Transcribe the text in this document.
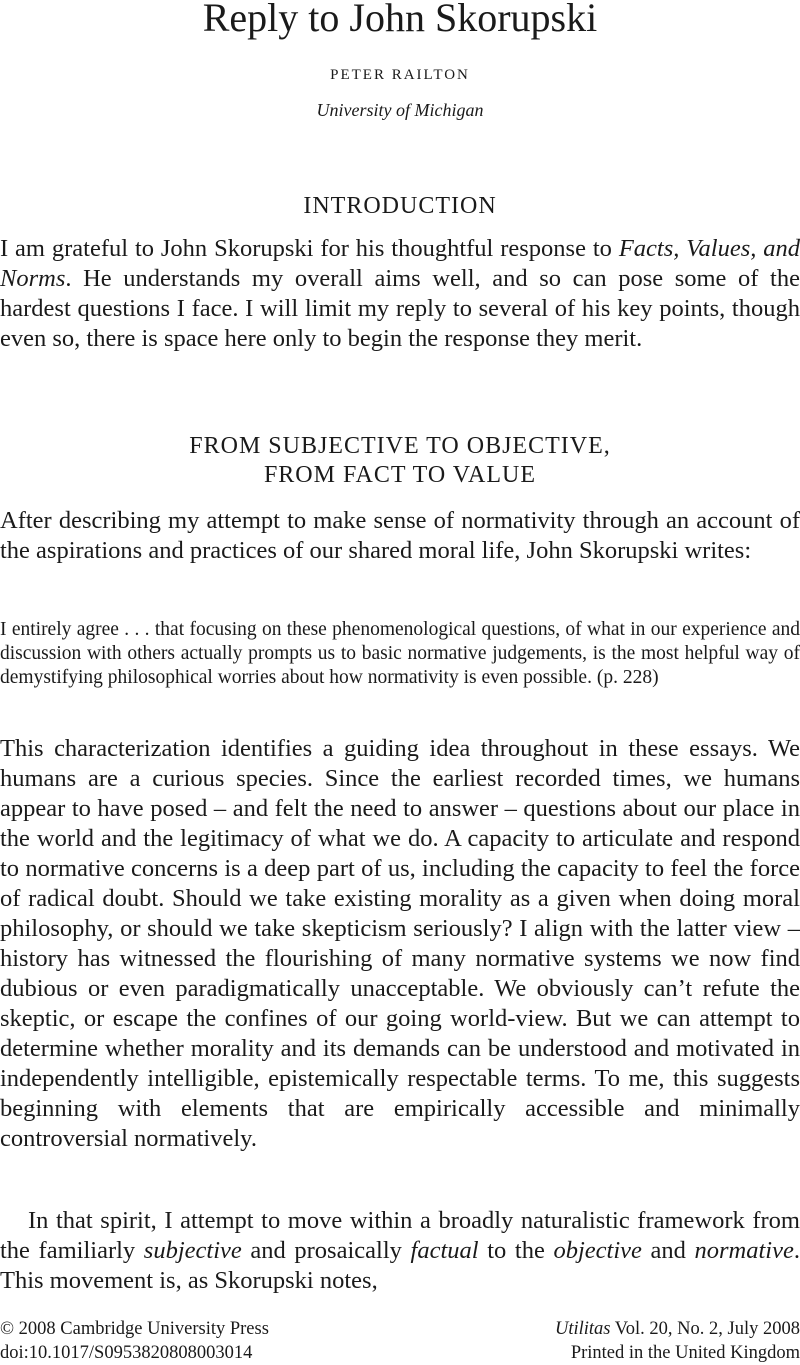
Reply to John Skorupski
PETER RAILTON
University of Michigan
INTRODUCTION
I am grateful to John Skorupski for his thoughtful response to Facts, Values, and Norms. He understands my overall aims well, and so can pose some of the hardest questions I face. I will limit my reply to several of his key points, though even so, there is space here only to begin the response they merit.
FROM SUBJECTIVE TO OBJECTIVE,
FROM FACT TO VALUE
After describing my attempt to make sense of normativity through an account of the aspirations and practices of our shared moral life, John Skorupski writes:
I entirely agree . . . that focusing on these phenomenological questions, of what in our experience and discussion with others actually prompts us to basic normative judgements, is the most helpful way of demystifying philosophical worries about how normativity is even possible. (p. 228)
This characterization identifies a guiding idea throughout in these essays. We humans are a curious species. Since the earliest recorded times, we humans appear to have posed – and felt the need to answer – questions about our place in the world and the legitimacy of what we do. A capacity to articulate and respond to normative concerns is a deep part of us, including the capacity to feel the force of radical doubt. Should we take existing morality as a given when doing moral philosophy, or should we take skepticism seriously? I align with the latter view – history has witnessed the flourishing of many normative systems we now find dubious or even paradigmatically unacceptable. We obviously can’t refute the skeptic, or escape the confines of our going world-view. But we can attempt to determine whether morality and its demands can be understood and motivated in independently intelligible, epistemically respectable terms. To me, this suggests beginning with elements that are empirically accessible and minimally controversial normatively.
In that spirit, I attempt to move within a broadly naturalistic framework from the familiarly subjective and prosaically factual to the objective and normative. This movement is, as Skorupski notes,
© 2008 Cambridge University Press
doi:10.1017/S0953820808003014
Utilitas Vol. 20, No. 2, July 2008
Printed in the United Kingdom
